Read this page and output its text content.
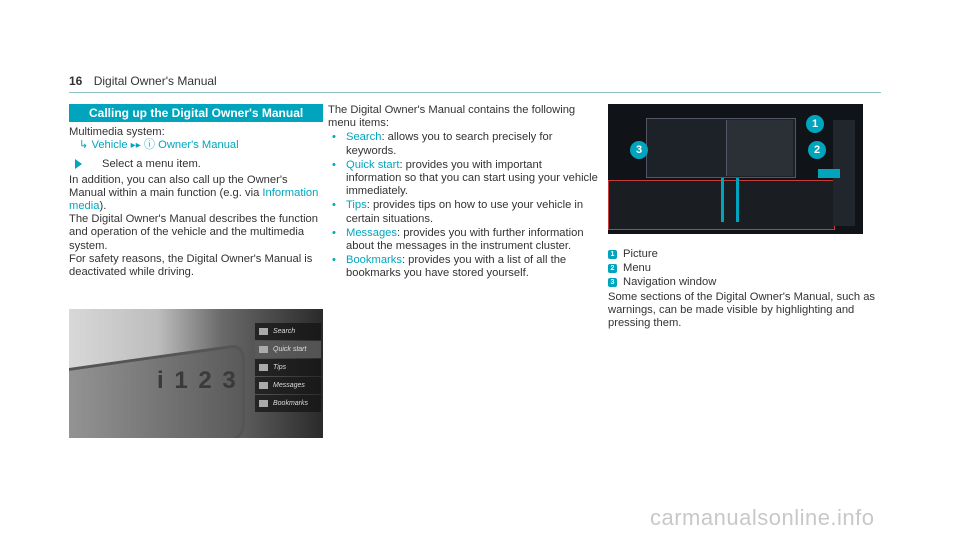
16 Digital Owner's Manual
Calling up the Digital Owner's Manual

Multimedia system:

↳ Vehicle ▸▸ ⓘ Owner's Manual

Select a menu item.

In addition, you can also call up the Owner's Manual within a main function (e.g. via Information media).

The Digital Owner's Manual describes the function and operation of the vehicle and the multimedia system.

For safety reasons, the Digital Owner's Manual is deactivated while driving.

i 1 2 3
Search
Quick start
Tips
Messages
Bookmarks

The Digital Owner's Manual contains the following menu items:

• Search: allows you to search precisely for keywords.
• Quick start: provides you with important information so that you can start using your vehicle immediately.
• Tips: provides tips on how to use your vehicle in certain situations.
• Messages: provides you with further information about the messages in the instrument cluster.
• Bookmarks: provides you with a list of all the bookmarks you have stored yourself.
1
2
3

1 Picture

2 Menu

3 Navigation window

Some sections of the Digital Owner's Manual, such as warnings, can be made visible by highlighting and pressing them.

carmanualsonline.info
